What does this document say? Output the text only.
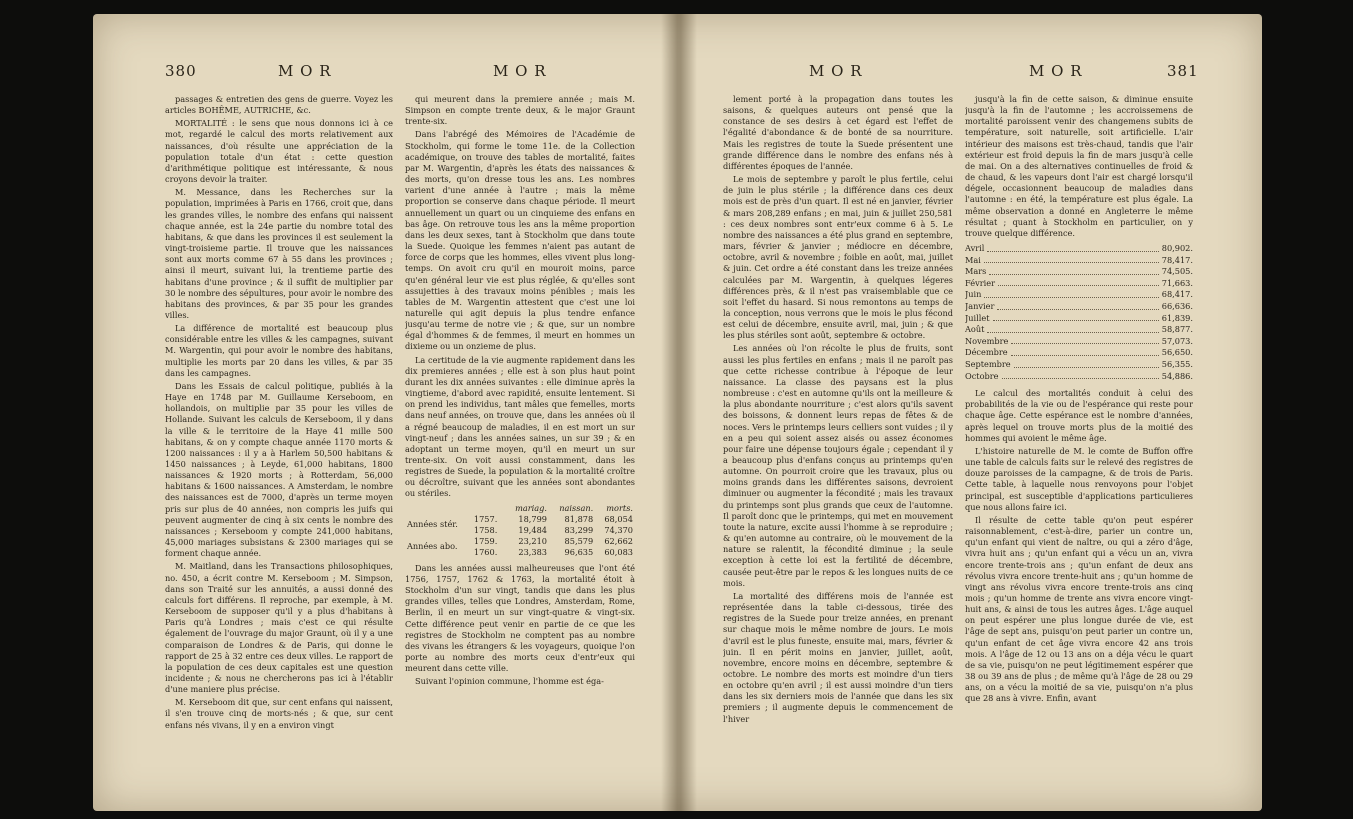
380	M O R	M O R

passages & entretien des gens de guerre. Voyez les articles BOHÊME, AUTRICHE, &c.

MORTALITÉ : le sens que nous donnons ici à ce mot, regardé le calcul des morts relativement aux naissances, d'où résulte une appréciation de la population totale d'un état : cette question d'arithmétique politique est intéressante, & nous croyons devoir la traiter.

M. Messance, dans les Recherches sur la population, imprimées à Paris en 1766, croit que, dans les grandes villes, le nombre des enfans qui naissent chaque année, est la 24e partie du nombre total des habitans, & que dans les provinces il est seulement la vingt-troisieme partie. Il trouve que les naissances sont aux morts comme 67 à 55 dans les provinces ; ainsi il meurt, suivant lui, la trentieme partie des habitans d'une province ; & il suffit de multiplier par 30 le nombre des sépultures, pour avoir le nombre des habitans des provinces, & par 35 pour les grandes villes.

La différence de mortalité est beaucoup plus considérable entre les villes & les campagnes, suivant M. Wargentin, qui pour avoir le nombre des habitans, multiplie les morts par 20 dans les villes, & par 35 dans les campagnes.

Dans les Essais de calcul politique, publiés à la Haye en 1748 par M. Guillaume Kerseboom, en hollandois, on multiplie par 35 pour les villes de Hollande. Suivant les calculs de Kerseboom, il y dans la ville & le territoire de la Haye 41 mille 500 habitans, & on y compte chaque année 1170 morts & 1200 naissances : il y a à Harlem 50,500 habitans & 1450 naissances ; à Leyde, 61,000 habitans, 1800 naissances & 1920 morts ; à Rotterdam, 56,000 habitans & 1600 naissances. A Amsterdam, le nombre des naissances est de 7000, d'après un terme moyen pris sur plus de 40 années, non compris les juifs qui peuvent augmenter de cinq à six cents le nombre des naissances ; Kerseboom y compte 241,000 habitans, 45,000 mariages subsistans & 2300 mariages qui se forment chaque année.

M. Maitland, dans les Transactions philosophiques, no. 450, a écrit contre M. Kerseboom ; M. Simpson, dans son Traité sur les annuités, a aussi donné des calculs fort différens. Il reproche, par exemple, à M. Kerseboom de supposer qu'il y a plus d'habitans à Paris qu'à Londres ; mais c'est ce qui résulte également de l'ouvrage du major Graunt, où il y a une comparaison de Londres & de Paris, qui donne le rapport de 25 à 32 entre ces deux villes. Le rapport de la population de ces deux capitales est une question incidente ; & nous ne chercherons pas ici à l'établir d'une maniere plus précise.

M. Kerseboom dit que, sur cent enfans qui naissent, il s'en trouve cinq de morts-nés ; & que, sur cent enfans nés vivans, il y en a environ vingt

qui meurent dans la premiere année ; mais M. Simpson en compte trente deux, & le major Graunt trente-six.

Dans l'abrégé des Mémoires de l'Académie de Stockholm, qui forme le tome 11e. de la Collection académique, on trouve des tables de mortalité, faites par M. Wargentin, d'après les états des naissances & des morts, qu'on dresse tous les ans. Les nombres varient d'une année à l'autre ; mais la même proportion se conserve dans chaque période. Il meurt annuellement un quart ou un cinquieme des enfans en bas âge. On retrouve tous les ans la même proportion dans les deux sexes, tant à Stockholm que dans toute la Suede. Quoique les femmes n'aient pas autant de force de corps que les hommes, elles vivent plus long-temps. On avoit cru qu'il en mouroit moins, parce qu'en général leur vie est plus réglée, & qu'elles sont assujetties à des travaux moins pénibles ; mais les tables de M. Wargentin attestent que c'est une loi naturelle qui agit depuis la plus tendre enfance jusqu'au terme de notre vie ; & que, sur un nombre égal d'hommes & de femmes, il meurt en hommes un dixieme ou un onzieme de plus.

La certitude de la vie augmente rapidement dans les dix premieres années ; elle est à son plus haut point durant les dix années suivantes : elle diminue après la vingtieme, d'abord avec rapidité, ensuite lentement. Si on prend les individus, tant mâles que femelles, morts dans neuf années, on trouve que, dans les années où il a régné beaucoup de maladies, il en est mort un sur vingt-neuf ; dans les années saines, un sur 39 ; & en adoptant un terme moyen, qu'il en meurt un sur trente-six. On voit aussi constamment, dans les registres de Suede, la population & la mortalité croître ou décroître, suivant que les années sont abondantes ou stériles.

		mariag.	naissan.	morts.
Années stér.	1757.	18,799	81,878	68,054
	1758.	19,484	83,299	74,370
Années abo.	1759.	23,210	85,579	62,662
	1760.	23,383	96,635	60,083

Dans les années aussi malheureuses que l'ont été 1756, 1757, 1762 & 1763, la mortalité étoit à Stockholm d'un sur vingt, tandis que dans les plus grandes villes, telles que Londres, Amsterdam, Rome, Berlin, il en meurt un sur vingt-quatre & vingt-six. Cette différence peut venir en partie de ce que les registres de Stockholm ne comptent pas au nombre des vivans les étrangers & les voyageurs, quoique l'on porte au nombre des morts ceux d'entr'eux qui meurent dans cette ville.

Suivant l'opinion commune, l'homme est éga-

M O R	M O R	381

lement porté à la propagation dans toutes les saisons, & quelques auteurs ont pensé que la constance de ses desirs à cet égard est l'effet de l'égalité d'abondance & de bonté de sa nourriture. Mais les registres de toute la Suede présentent une grande différence dans le nombre des enfans nés à différentes époques de l'année.

Le mois de septembre y paroît le plus fertile, celui de juin le plus stérile ; la différence dans ces deux mois est de près d'un quart. Il est né en janvier, février & mars 208,289 enfans ; en mai, juin & juillet 250,581 : ces deux nombres sont entr'eux comme 6 à 5. Le nombre des naissances a été plus grand en septembre, mars, février & janvier ; médiocre en décembre, octobre, avril & novembre ; foible en août, mai, juillet & juin. Cet ordre a été constant dans les treize années calculées par M. Wargentin, à quelques légeres différences près, & il n'est pas vraisemblable que ce soit l'effet du hasard. Si nous remontons au temps de la conception, nous verrons que le mois le plus fécond est celui de décembre, ensuite avril, mai, juin ; & que les plus stériles sont août, septembre & octobre.

Les années où l'on récolte le plus de fruits, sont aussi les plus fertiles en enfans ; mais il ne paroît pas que cette richesse contribue à l'époque de leur naissance. La classe des paysans est la plus nombreuse : c'est en automne qu'ils ont la meilleure & la plus abondante nourriture ; c'est alors qu'ils savent des boissons, & donnent leurs repas de fêtes & de noces. Vers le printemps leurs celliers sont vuides ; il y en a peu qui soient assez aisés ou assez économes pour faire une dépense toujours égale ; cependant il y a beaucoup plus d'enfans conçus au printemps qu'en automne. On pourroit croire que les travaux, plus ou moins grands dans les différentes saisons, devroient diminuer ou augmenter la fécondité ; mais les travaux du printemps sont plus grands que ceux de l'automne. Il paroît donc que le printemps, qui met en mouvement toute la nature, excite aussi l'homme à se reproduire ; & qu'en automne au contraire, où le mouvement de la nature se ralentit, la fécondité diminue ; la seule exception à cette loi est la fertilité de décembre, causée peut-être par le repos & les longues nuits de ce mois.

La mortalité des différens mois de l'année est représentée dans la table ci-dessous, tirée des registres de la Suede pour treize années, en prenant sur chaque mois le même nombre de jours. Le mois d'avril est le plus funeste, ensuite mai, mars, février & juin. Il en périt moins en janvier, juillet, août, novembre, encore moins en décembre, septembre & octobre. Le nombre des morts est moindre d'un tiers en octobre qu'en avril ; il est aussi moindre d'un tiers dans les six derniers mois de l'année que dans les six premiers ; il augmente depuis le commencement de l'hiver

jusqu'à la fin de cette saison, & diminue ensuite jusqu'à la fin de l'automne ; les accroissemens de mortalité paroissent venir des changemens subits de température, soit naturelle, soit artificielle. L'air intérieur des maisons est très-chaud, tandis que l'air extérieur est froid depuis la fin de mars jusqu'à celle de mai. On a des alternatives continuelles de froid & de chaud, & les vapeurs dont l'air est chargé lorsqu'il dégele, occasionnent beaucoup de maladies dans l'automne : en été, la température est plus égale. La même observation a donné en Angleterre le même résultat ; quant à Stockholm en particulier, on y trouve quelque différence.

Avril	80,902.
Mai	78,417.
Mars	74,505.
Février	71,663.
Juin	68,417.
Janvier	66,636.
Juillet	61,839.
Août	58,877.
Novembre	57,073.
Décembre	56,650.
Septembre	56,355.
Octobre	54,886.

Le calcul des mortalités conduit à celui des probabilités de la vie ou de l'espérance qui reste pour chaque âge. Cette espérance est le nombre d'années, après lequel on trouve morts plus de la moitié des hommes qui avoient le même âge.

L'histoire naturelle de M. le comte de Buffon offre une table de calculs faits sur le relevé des registres de douze paroisses de la campagne, & de trois de Paris. Cette table, à laquelle nous renvoyons pour l'objet principal, est susceptible d'applications particulieres que nous allons faire ici.

Il résulte de cette table qu'on peut espérer raisonnablement, c'est-à-dire, parier un contre un, qu'un enfant qui vient de naître, ou qui a zéro d'âge, vivra huit ans ; qu'un enfant qui a vécu un an, vivra encore trente-trois ans ; qu'un enfant de deux ans révolus vivra encore trente-huit ans ; qu'un homme de vingt ans révolus vivra encore trente-trois ans cinq mois ; qu'un homme de trente ans vivra encore vingt-huit ans, & ainsi de tous les autres âges. L'âge auquel on peut espérer une plus longue durée de vie, est l'âge de sept ans, puisqu'on peut parier un contre un, qu'un enfant de cet âge vivra encore 42 ans trois mois. A l'âge de 12 ou 13 ans on a déja vécu le quart de sa vie, puisqu'on ne peut légitimement espérer que 38 ou 39 ans de plus ; de même qu'à l'âge de 28 ou 29 ans, on a vécu la moitié de sa vie, puisqu'on n'a plus que 28 ans à vivre. Enfin, avant
